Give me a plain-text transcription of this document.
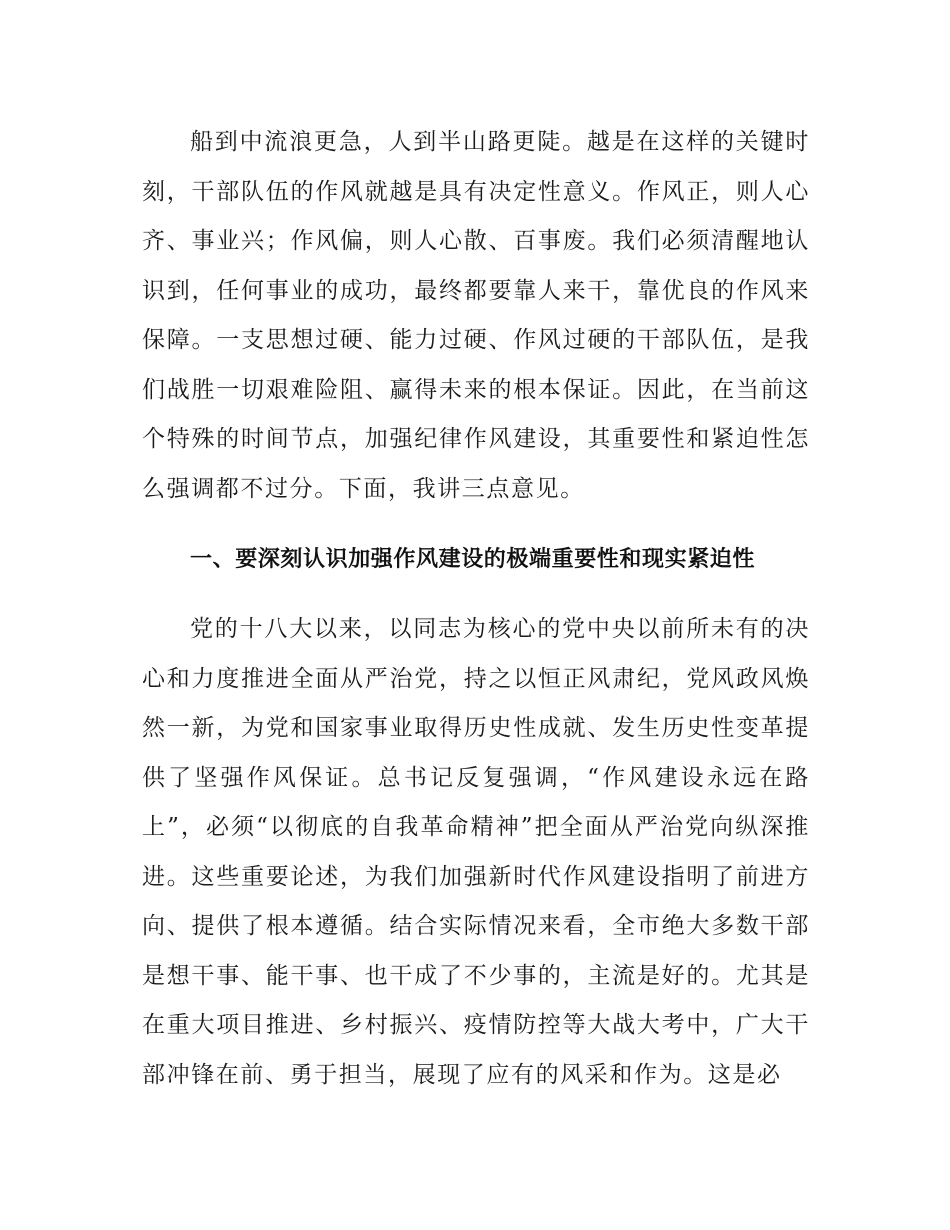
船到中流浪更急，人到半山路更陡。越是在这样的关键时刻，干部队伍的作风就越是具有决定性意义。作风正，则人心齐、事业兴；作风偏，则人心散、百事废。我们必须清醒地认识到，任何事业的成功，最终都要靠人来干，靠优良的作风来保障。一支思想过硬、能力过硬、作风过硬的干部队伍，是我们战胜一切艰难险阻、赢得未来的根本保证。因此，在当前这个特殊的时间节点，加强纪律作风建设，其重要性和紧迫性怎么强调都不过分。下面，我讲三点意见。

一、要深刻认识加强作风建设的极端重要性和现实紧迫性

党的十八大以来，以同志为核心的党中央以前所未有的决心和力度推进全面从严治党，持之以恒正风肃纪，党风政风焕然一新，为党和国家事业取得历史性成就、发生历史性变革提供了坚强作风保证。总书记反复强调，“作风建设永远在路上”，必须“以彻底的自我革命精神”把全面从严治党向纵深推进。这些重要论述，为我们加强新时代作风建设指明了前进方向、提供了根本遵循。结合实际情况来看，全市绝大多数干部是想干事、能干事、也干成了不少事的，主流是好的。尤其是在重大项目推进、乡村振兴、疫情防控等大战大考中，广大干部冲锋在前、勇于担当，展现了应有的风采和作为。这是必
